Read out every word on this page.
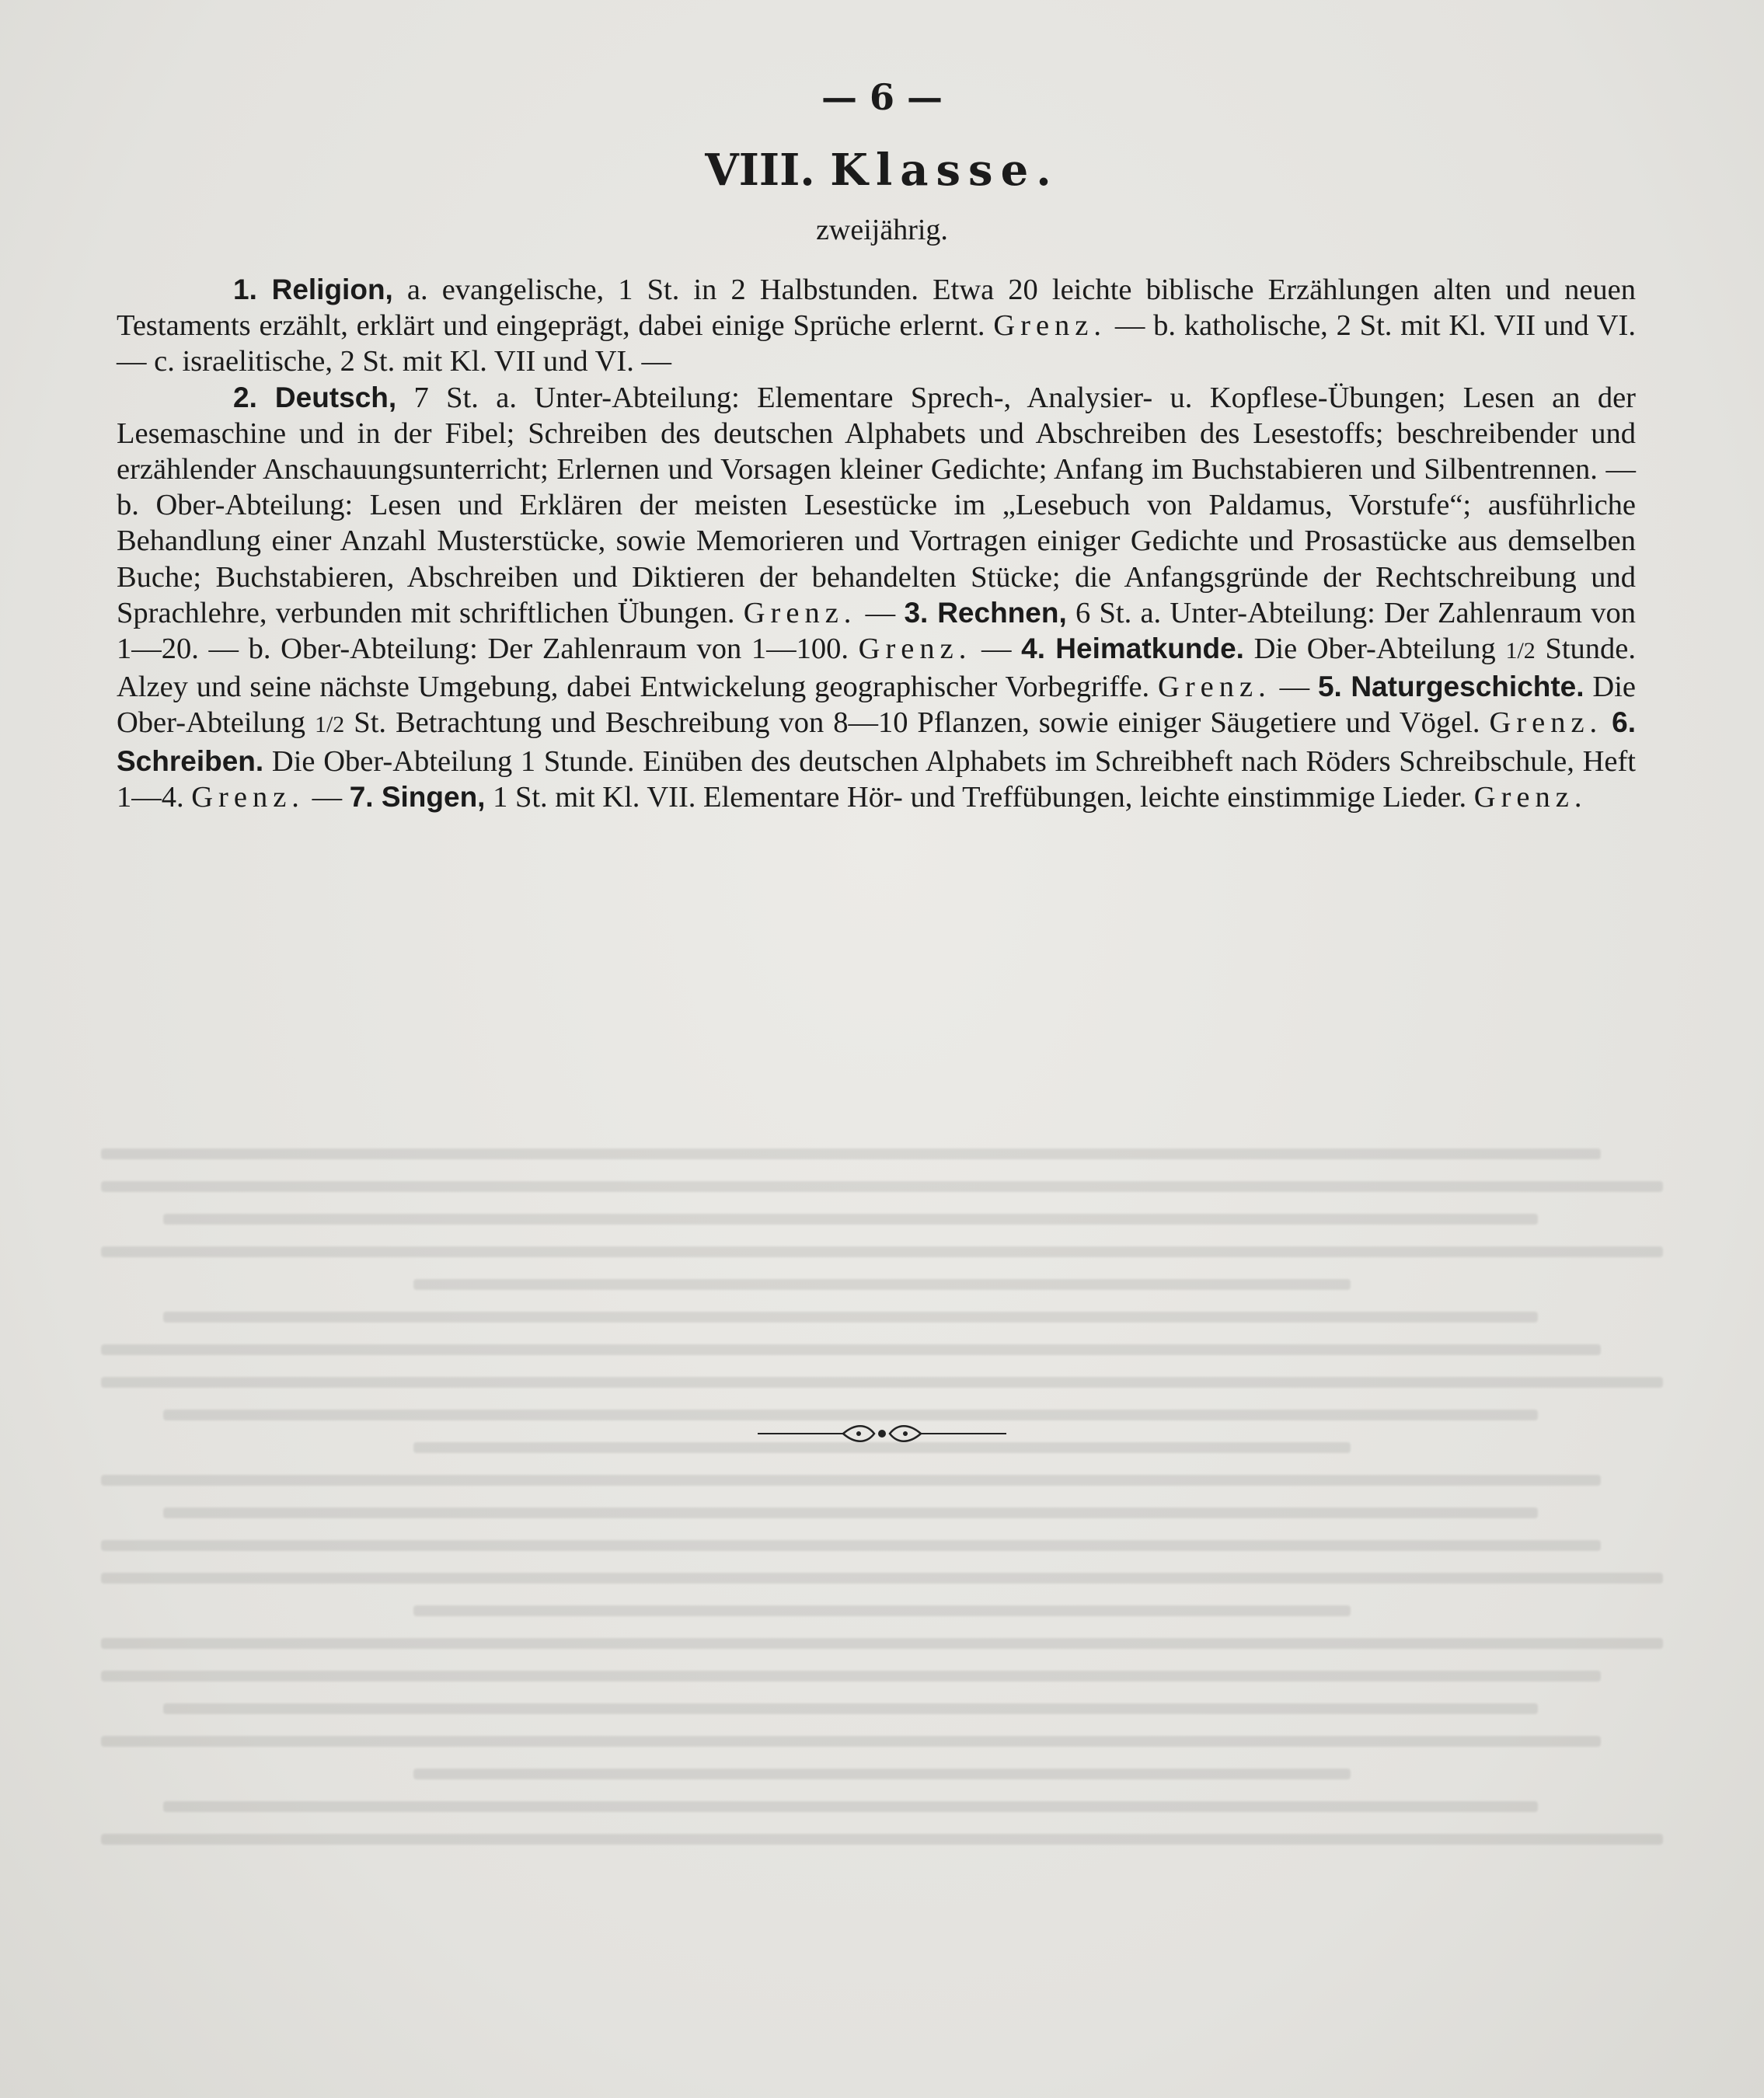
— 6 —
VIII. Klasse.
zweijährig.

1. Religion, a. evangelische, 1 St. in 2 Halbstunden. Etwa 20 leichte biblische Erzählungen alten und neuen Testaments erzählt, erklärt und eingeprägt, dabei einige Sprüche erlernt. Grenz. — b. katholische, 2 St. mit Kl. VII und VI. — c. israelitische, 2 St. mit Kl. VII und VI. —

2. Deutsch, 7 St. a. Unter-Abteilung: Elementare Sprech-, Analysier- u. Kopflese-Übungen; Lesen an der Lesemaschine und in der Fibel; Schreiben des deutschen Alphabets und Abschreiben des Lesestoffs; beschreibender und erzählender Anschauungsunterricht; Erlernen und Vorsagen kleiner Gedichte; Anfang im Buchstabieren und Silbentrennen. — b. Ober-Abteilung: Lesen und Erklären der meisten Lesestücke im „Lesebuch von Paldamus, Vorstufe“; ausführliche Behandlung einer Anzahl Musterstücke, sowie Memorieren und Vortragen einiger Gedichte und Prosastücke aus demselben Buche; Buchstabieren, Abschreiben und Diktieren der behandelten Stücke; die Anfangsgründe der Rechtschreibung und Sprachlehre, verbunden mit schriftlichen Übungen. Grenz. — 3. Rechnen, 6 St. a. Unter-Abteilung: Der Zahlenraum von 1—20. — b. Ober-Abteilung: Der Zahlenraum von 1—100. Grenz. — 4. Heimatkunde. Die Ober-Abteilung 1/2 Stunde. Alzey und seine nächste Umgebung, dabei Entwickelung geographischer Vorbegriffe. Grenz. — 5. Naturgeschichte. Die Ober-Abteilung 1/2 St. Betrachtung und Beschreibung von 8—10 Pflanzen, sowie einiger Säugetiere und Vögel. Grenz. 6. Schreiben. Die Ober-Abteilung 1 Stunde. Einüben des deutschen Alphabets im Schreibheft nach Röders Schreibschule, Heft 1—4. Grenz. — 7. Singen, 1 St. mit Kl. VII. Elementare Hör- und Treffübungen, leichte einstimmige Lieder. Grenz.
